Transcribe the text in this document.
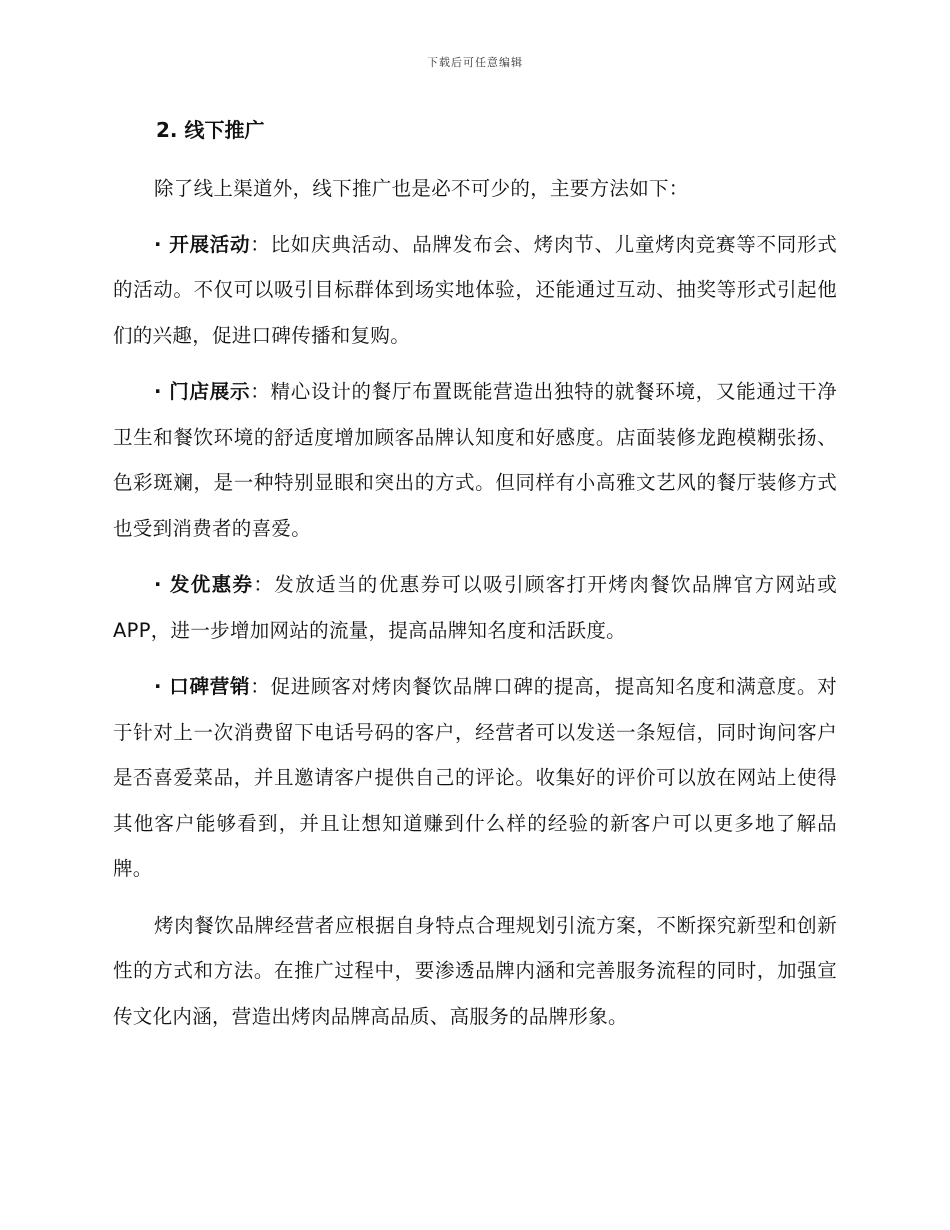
下载后可任意编辑
2. 线下推广

除了线上渠道外，线下推广也是必不可少的，主要方法如下：

· 开展活动：比如庆典活动、品牌发布会、烤肉节、儿童烤肉竞赛等不同形式的活动。不仅可以吸引目标群体到场实地体验，还能通过互动、抽奖等形式引起他们的兴趣，促进口碑传播和复购。

· 门店展示：精心设计的餐厅布置既能营造出独特的就餐环境，又能通过干净卫生和餐饮环境的舒适度增加顾客品牌认知度和好感度。店面装修龙跑模糊张扬、色彩斑斓，是一种特别显眼和突出的方式。但同样有小高雅文艺风的餐厅装修方式也受到消费者的喜爱。

· 发优惠券：发放适当的优惠券可以吸引顾客打开烤肉餐饮品牌官方网站或 APP，进一步增加网站的流量，提高品牌知名度和活跃度。

· 口碑营销：促进顾客对烤肉餐饮品牌口碑的提高，提高知名度和满意度。对于针对上一次消费留下电话号码的客户，经营者可以发送一条短信，同时询问客户是否喜爱菜品，并且邀请客户提供自己的评论。收集好的评价可以放在网站上使得其他客户能够看到，并且让想知道赚到什么样的经验的新客户可以更多地了解品牌。

烤肉餐饮品牌经营者应根据自身特点合理规划引流方案，不断探究新型和创新性的方式和方法。在推广过程中，要渗透品牌内涵和完善服务流程的同时，加强宣传文化内涵，营造出烤肉品牌高品质、高服务的品牌形象。
